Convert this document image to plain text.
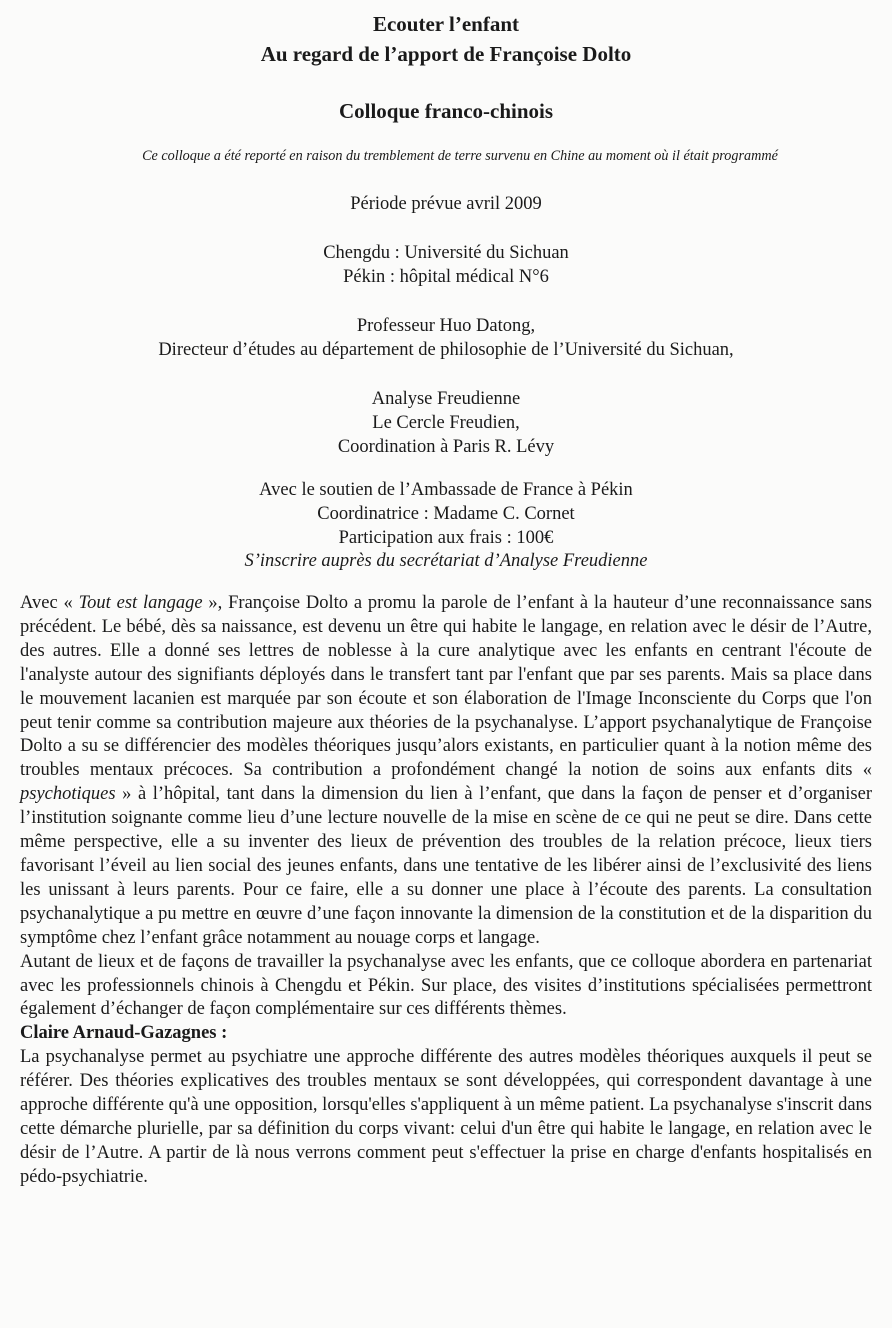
Ecouter l’enfant
Au regard de l’apport de Françoise Dolto
Colloque franco-chinois
Ce colloque a été reporté en raison du tremblement de terre survenu en Chine au moment où il était programmé
Période prévue avril 2009
Chengdu : Université du Sichuan
Pékin : hôpital médical N°6
Professeur Huo Datong,
Directeur d’études au département de philosophie de l’Université du Sichuan,
Analyse Freudienne
Le Cercle Freudien,
Coordination à Paris R. Lévy
Avec le soutien de l’Ambassade de France à Pékin
Coordinatrice : Madame C. Cornet
Participation aux frais : 100€
S’inscrire auprès du secrétariat d’Analyse Freudienne

Avec « Tout est langage », Françoise Dolto a promu la parole de l’enfant à la hauteur d’une reconnaissance sans précédent. Le bébé, dès sa naissance, est devenu un être qui habite le langage, en relation avec le désir de l’Autre, des autres. Elle a donné ses lettres de noblesse à la cure analytique avec les enfants en centrant l'écoute de l'analyste autour des signifiants déployés dans le transfert tant par l'enfant que par ses parents. Mais sa place dans le mouvement lacanien est marquée par son écoute et son élaboration de l'Image Inconsciente du Corps que l'on peut tenir comme sa contribution majeure aux théories de la psychanalyse. L’apport psychanalytique de Françoise Dolto a su se différencier des modèles théoriques jusqu’alors existants, en particulier quant à la notion même des troubles mentaux précoces. Sa contribution a profondément changé la notion de soins aux enfants dits « psychotiques » à l’hôpital, tant dans la dimension du lien à l’enfant, que dans la façon de penser et d’organiser l’institution soignante comme lieu d’une lecture nouvelle de la mise en scène de ce qui ne peut se dire. Dans cette même perspective, elle a su inventer des lieux de prévention des troubles de la relation précoce, lieux tiers favorisant l’éveil au lien social des jeunes enfants, dans une tentative de les libérer ainsi de l’exclusivité des liens les unissant à leurs parents. Pour ce faire, elle a su donner une place à l’écoute des parents. La consultation psychanalytique a pu mettre en œuvre d’une façon innovante la dimension de la constitution et de la disparition du symptôme chez l’enfant grâce notamment au nouage corps et langage.

Autant de lieux et de façons de travailler la psychanalyse avec les enfants, que ce colloque abordera en partenariat avec les professionnels chinois à Chengdu et Pékin. Sur place, des visites d’institutions spécialisées permettront également d’échanger de façon complémentaire sur ces différents thèmes.

Claire Arnaud-Gazagnes :

La psychanalyse permet au psychiatre une approche différente des autres modèles théoriques auxquels il peut se référer. Des théories explicatives des troubles mentaux se sont développées, qui correspondent davantage à une approche différente qu'à une opposition, lorsqu'elles s'appliquent à un même patient. La psychanalyse s'inscrit dans cette démarche plurielle, par sa définition du corps vivant: celui d'un être qui habite le langage, en relation avec le désir de l’Autre. A partir de là nous verrons comment peut s'effectuer la prise en charge d'enfants hospitalisés en pédo-psychiatrie.
